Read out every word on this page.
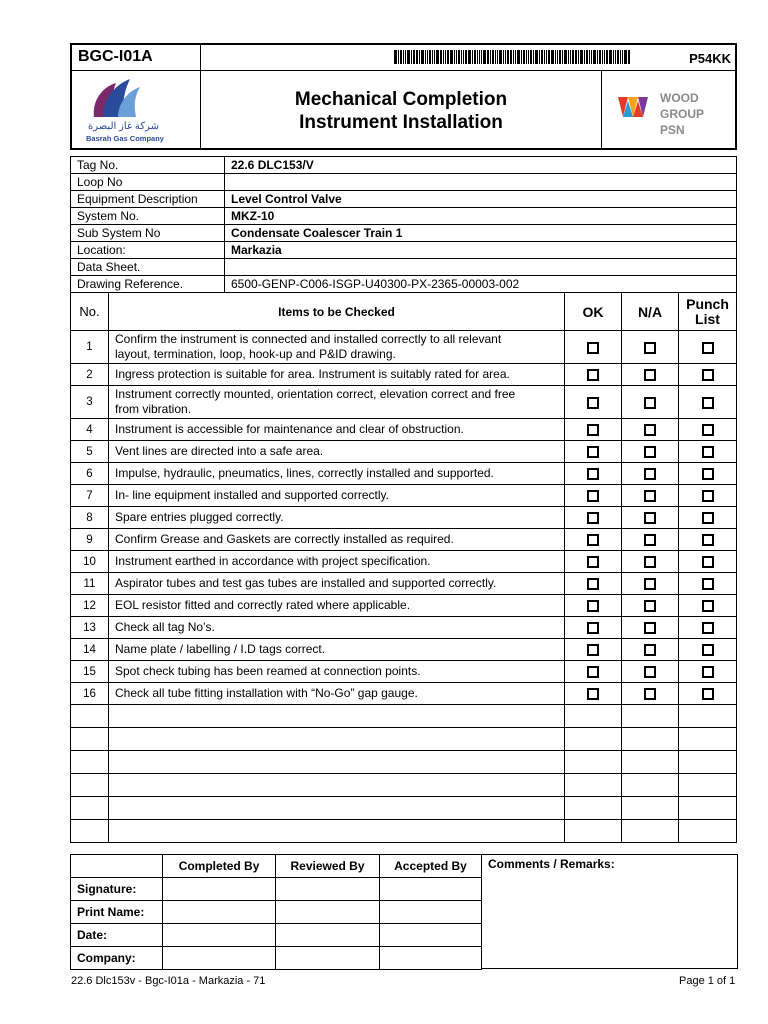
BGC-I01A	P54KK
شركة غاز البصرة
Basrah Gas Company
Mechanical Completion
Instrument Installation
WOOD GROUP
PSN
Tag No.	22.6 DLC153/V
Loop No	
Equipment Description	Level Control Valve
System No.	MKZ-10
Sub System No	Condensate Coalescer Train 1
Location:	Markazia
Data Sheet.	
Drawing Reference.	6500-GENP-C006-ISGP-U40300-PX-2365-00003-002
No.	Items to be Checked	OK	N/A	Punch
List

1	Confirm the instrument is connected and installed correctly to all relevant
layout, termination, loop, hook-up and P&ID drawing.			

2	Ingress protection is suitable for area. Instrument is suitably rated for area.			

3	Instrument correctly mounted, orientation correct, elevation correct and free
from vibration.			

4	Instrument is accessible for maintenance and clear of obstruction.			

5	Vent lines are directed into a safe area.			

6	Impulse, hydraulic, pneumatics, lines, correctly installed and supported.			

7	In- line equipment installed and supported correctly.			

8	Spare entries plugged correctly.			

9	Confirm Grease and Gaskets are correctly installed as required.			

10	Instrument earthed in accordance with project specification.			

11	Aspirator tubes and test gas tubes are installed and supported correctly.			

12	EOL resistor fitted and correctly rated where applicable.			

13	Check all tag No’s.			

14	Name plate / labelling / I.D tags correct.			

15	Spot check tubing has been reamed at connection points.			

16	Check all tube fitting installation with “No-Go” gap gauge.			

	Completed By	Reviewed By	Accepted By
Signature:			
Print Name:			
Date:			
Company:			
Comments / Remarks:
22.6 Dlc153v - Bgc-I01a - Markazia - 71	Page 1 of 1
